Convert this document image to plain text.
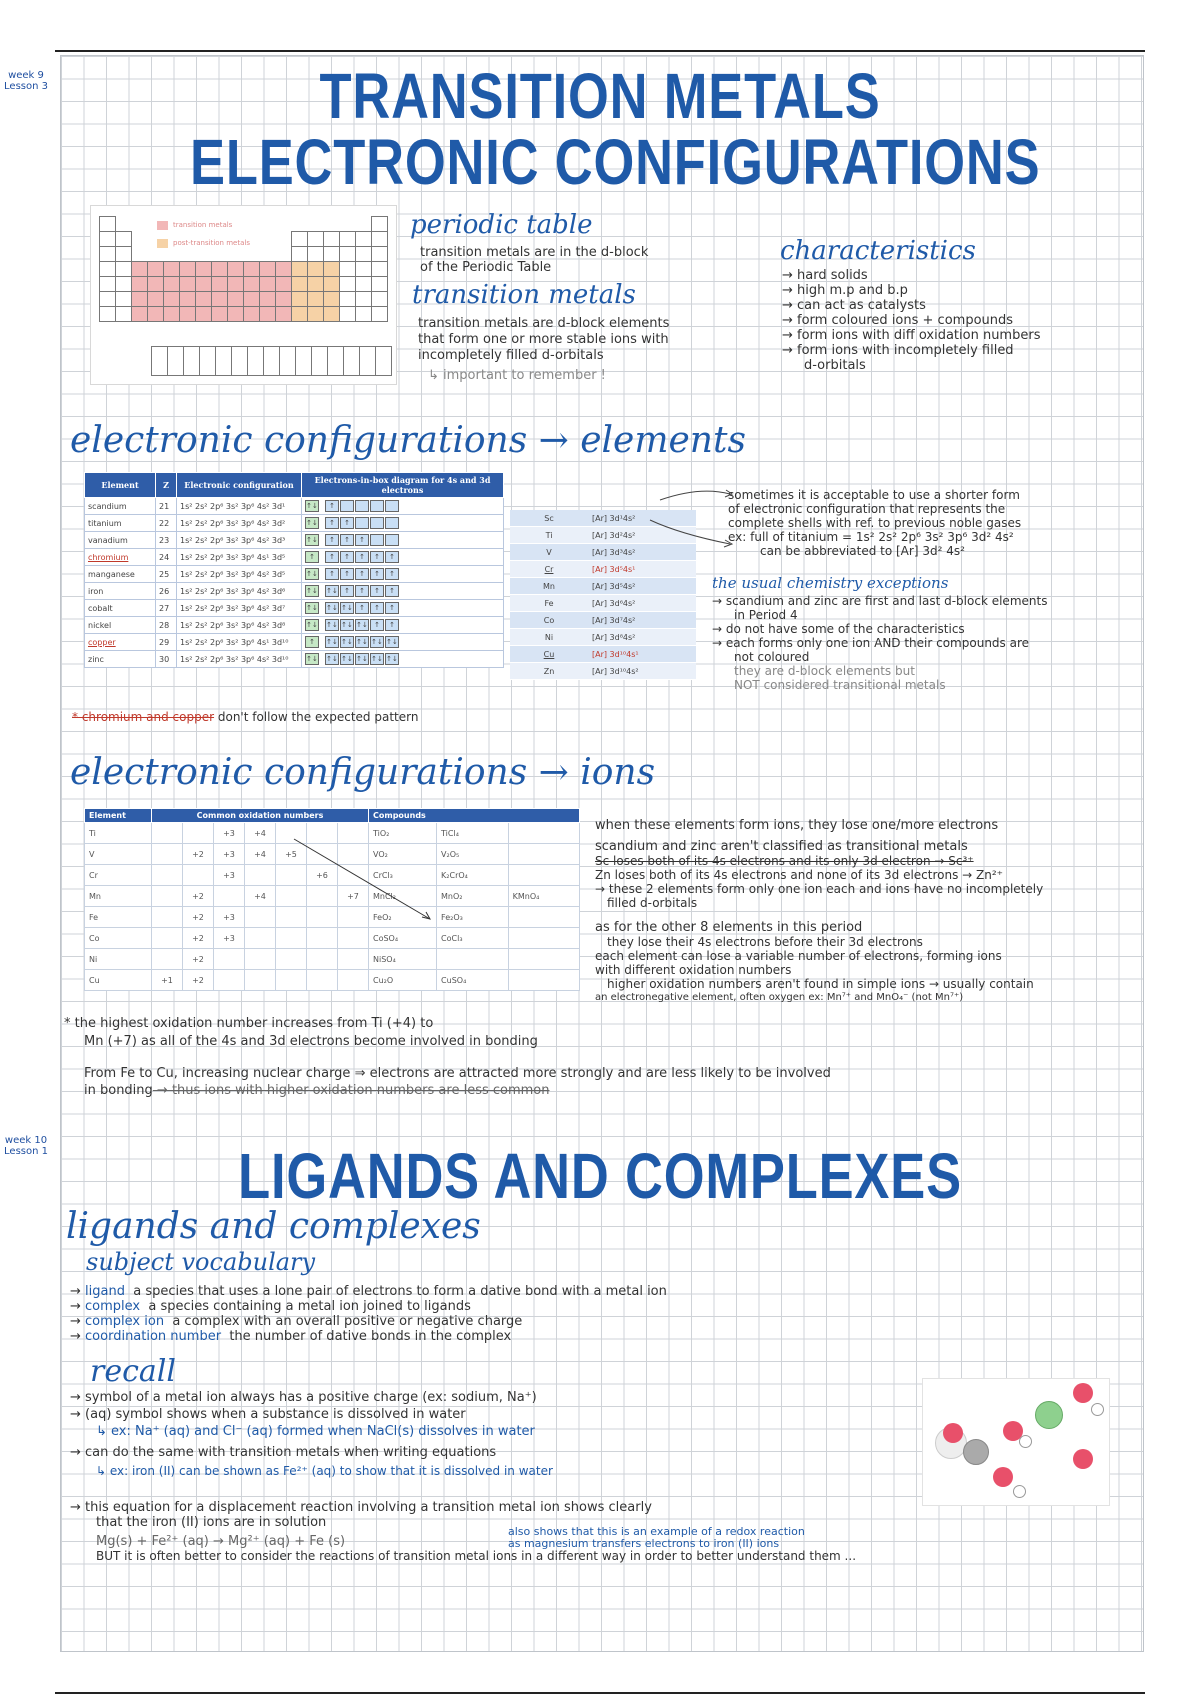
week 9
Lesson 3
week 10
Lesson 1
TRANSITION METALS
ELECTRONIC CONFIGURATIONS
transition metals
post-transition metals
periodic table
transition metals are in the d-block
of the Periodic Table
transition metals
transition metals are d-block elements
that form one or more stable ions with
incompletely filled d-orbitals
↳ important to remember !
characteristics
→ hard solids
→ high m.p and b.p
→ can act as catalysts
→ form coloured ions + compounds
→ form ions with diff oxidation numbers
→ form ions with incompletely filled
d-orbitals
electronic configurations → elements
Element	Z	Electronic configuration	Electrons-in-box diagram for 4s and 3d electrons
scandium	21	1s² 2s² 2p⁶ 3s² 3p⁶ 4s² 3d¹	↑↓ ↑
titanium	22	1s² 2s² 2p⁶ 3s² 3p⁶ 4s² 3d²	↑↓ ↑ ↑
vanadium	23	1s² 2s² 2p⁶ 3s² 3p⁶ 4s² 3d³	↑↓ ↑ ↑ ↑
chromium	24	1s² 2s² 2p⁶ 3s² 3p⁶ 4s¹ 3d⁵	↑ ↑ ↑ ↑ ↑ ↑
manganese	25	1s² 2s² 2p⁶ 3s² 3p⁶ 4s² 3d⁵	↑↓ ↑ ↑ ↑ ↑ ↑
iron	26	1s² 2s² 2p⁶ 3s² 3p⁶ 4s² 3d⁶	↑↓ ↑↓ ↑ ↑ ↑ ↑
cobalt	27	1s² 2s² 2p⁶ 3s² 3p⁶ 4s² 3d⁷	↑↓ ↑↓ ↑↓ ↑ ↑ ↑
nickel	28	1s² 2s² 2p⁶ 3s² 3p⁶ 4s² 3d⁸	↑↓ ↑↓ ↑↓ ↑↓ ↑ ↑
copper	29	1s² 2s² 2p⁶ 3s² 3p⁶ 4s¹ 3d¹⁰	↑ ↑↓ ↑↓ ↑↓ ↑↓ ↑↓
zinc	30	1s² 2s² 2p⁶ 3s² 3p⁶ 4s² 3d¹⁰	↑↓ ↑↓ ↑↓ ↑↓ ↑↓ ↑↓
Sc	[Ar] 3d¹4s²
Ti	[Ar] 3d²4s²
V	[Ar] 3d³4s²
Cr	[Ar] 3d⁵4s¹
Mn	[Ar] 3d⁵4s²
Fe	[Ar] 3d⁶4s²
Co	[Ar] 3d⁷4s²
Ni	[Ar] 3d⁸4s²
Cu	[Ar] 3d¹⁰4s¹
Zn	[Ar] 3d¹⁰4s²
* chromium and copper don't follow the expected pattern
sometimes it is acceptable to use a shorter form
of electronic configuration that represents the
complete shells with ref. to previous noble gases
ex: full of titanium = 1s² 2s² 2p⁶ 3s² 3p⁶ 3d² 4s²
can be abbreviated to [Ar] 3d² 4s²
the usual chemistry exceptions
→ scandium and zinc are first and last d-block elements
in Period 4
→ do not have some of the characteristics
→ each forms only one ion AND their compounds are
not coloured
they are d-block elements but
NOT considered transitional metals
electronic configurations → ions
Element	Common oxidation numbers							Compounds		
Ti			+3	+4				TiO₂	TiCl₄	
V		+2	+3	+4	+5			VO₂	V₂O₅	
Cr			+3			+6		CrCl₃	K₂CrO₄	
Mn		+2		+4			+7	MnCl₂	MnO₂	KMnO₄
Fe		+2	+3					FeO₂	Fe₂O₃	
Co		+2	+3					CoSO₄	CoCl₃	
Ni		+2						NiSO₄		
Cu	+1	+2						Cu₂O	CuSO₄	
when these elements form ions, they lose one/more electrons
scandium and zinc aren't classified as transitional metals
Sc loses both of its 4s electrons and its only 3d electron → Sc³⁺
Zn loses both of its 4s electrons and none of its 3d electrons → Zn²⁺
→ these 2 elements form only one ion each and ions have no incompletely
filled d-orbitals
as for the other 8 elements in this period
they lose their 4s electrons before their 3d electrons
each element can lose a variable number of electrons, forming ions
with different oxidation numbers
higher oxidation numbers aren't found in simple ions → usually contain
an electronegative element, often oxygen ex: Mn⁷⁺ and MnO₄⁻ (not Mn⁷⁺)
* the highest oxidation number increases from Ti (+4) to
Mn (+7) as all of the 4s and 3d electrons become involved in bonding
From Fe to Cu, increasing nuclear charge ⇒ electrons are attracted more strongly and are less likely to be involved
in bonding → thus ions with higher oxidation numbers are less common
LIGANDS AND COMPLEXES
ligands and complexes
subject vocabulary
→ ligand a species that uses a lone pair of electrons to form a dative bond with a metal ion
→ complex a species containing a metal ion joined to ligands
→ complex ion a complex with an overall positive or negative charge
→ coordination number the number of dative bonds in the complex
recall
→ symbol of a metal ion always has a positive charge (ex: sodium, Na⁺)
→ (aq) symbol shows when a substance is dissolved in water
↳ ex: Na⁺ (aq) and Cl⁻ (aq) formed when NaCl(s) dissolves in water
→ can do the same with transition metals when writing equations
↳ ex: iron (II) can be shown as Fe²⁺ (aq) to show that it is dissolved in water
→ this equation for a displacement reaction involving a transition metal ion shows clearly
that the iron (II) ions are in solution
Mg(s) + Fe²⁺ (aq) → Mg²⁺ (aq) + Fe (s)
BUT it is often better to consider the reactions of transition metal ions in a different way in order to better understand them ...
also shows that this is an example of a redox reaction
as magnesium transfers electrons to iron (II) ions
